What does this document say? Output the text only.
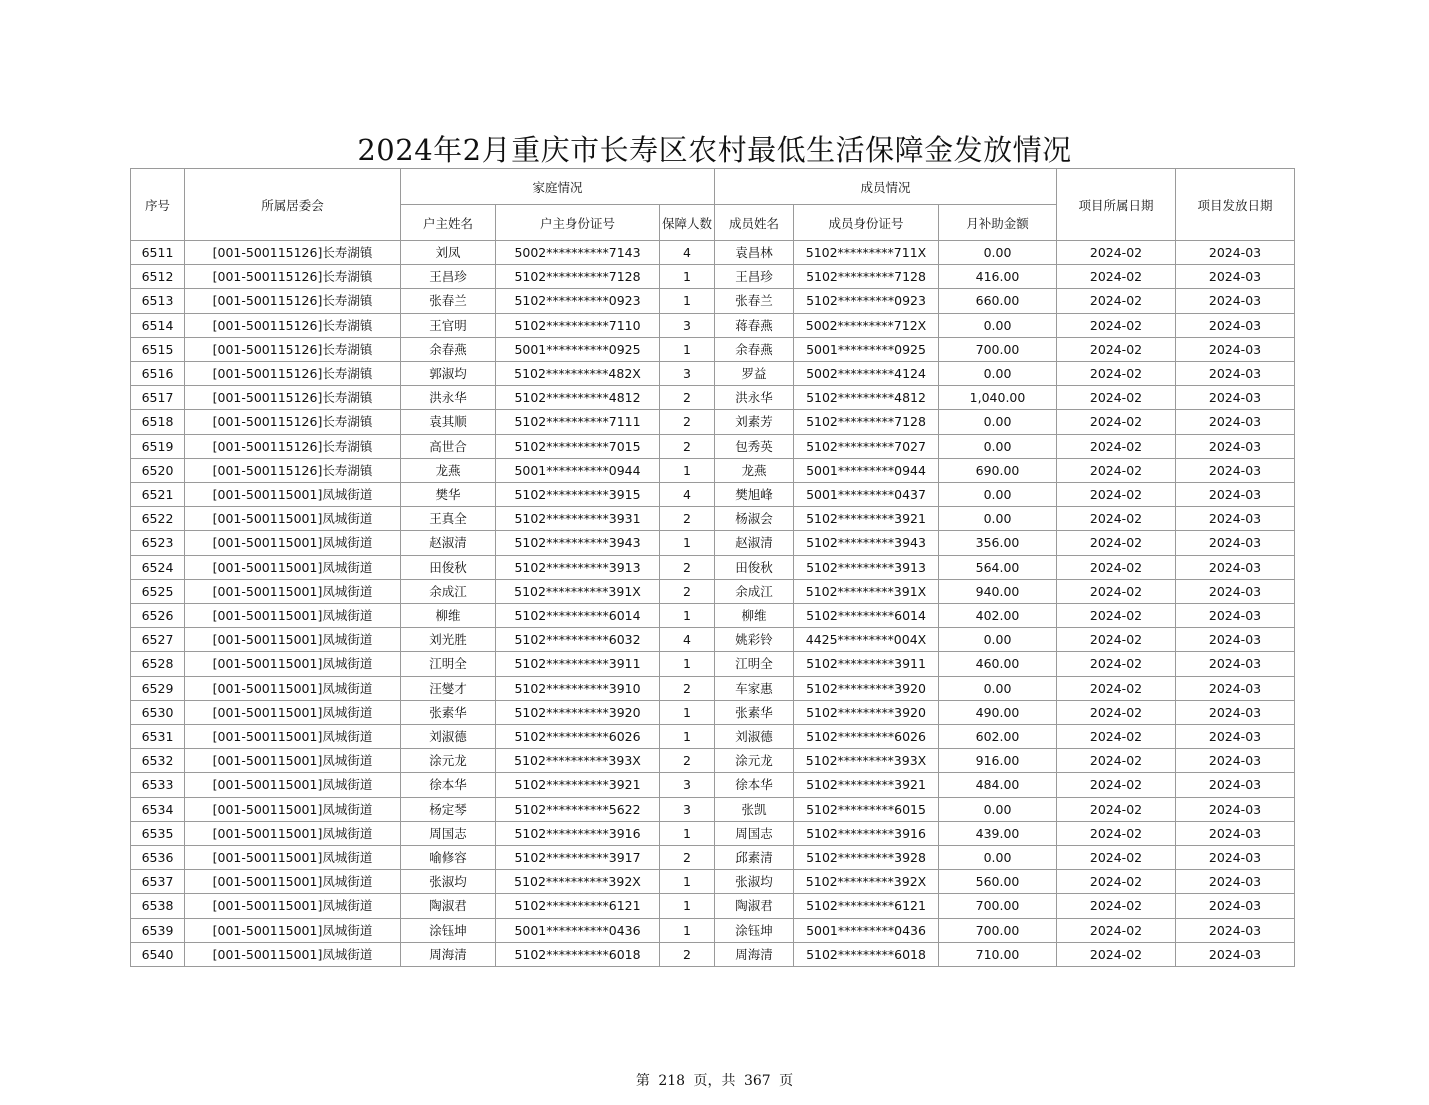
2024年2月重庆市长寿区农村最低生活保障金发放情况
序号	所属居委会	家庭情况			成员情况			项目所属日期	项目发放日期
		户主姓名	户主身份证号	保障人数	成员姓名	成员身份证号	月补助金额		
6511	[001-500115126]长寿湖镇	刘凤	5002**********7143	4	袁昌林	5102*********711X	0.00	2024-02	2024-03
6512	[001-500115126]长寿湖镇	王昌珍	5102**********7128	1	王昌珍	5102*********7128	416.00	2024-02	2024-03
6513	[001-500115126]长寿湖镇	张春兰	5102**********0923	1	张春兰	5102*********0923	660.00	2024-02	2024-03
6514	[001-500115126]长寿湖镇	王官明	5102**********7110	3	蒋春燕	5002*********712X	0.00	2024-02	2024-03
6515	[001-500115126]长寿湖镇	余春燕	5001**********0925	1	余春燕	5001*********0925	700.00	2024-02	2024-03
6516	[001-500115126]长寿湖镇	郭淑均	5102**********482X	3	罗益	5002*********4124	0.00	2024-02	2024-03
6517	[001-500115126]长寿湖镇	洪永华	5102**********4812	2	洪永华	5102*********4812	1,040.00	2024-02	2024-03
6518	[001-500115126]长寿湖镇	袁其顺	5102**********7111	2	刘素芳	5102*********7128	0.00	2024-02	2024-03
6519	[001-500115126]长寿湖镇	高世合	5102**********7015	2	包秀英	5102*********7027	0.00	2024-02	2024-03
6520	[001-500115126]长寿湖镇	龙燕	5001**********0944	1	龙燕	5001*********0944	690.00	2024-02	2024-03
6521	[001-500115001]凤城街道	樊华	5102**********3915	4	樊旭峰	5001*********0437	0.00	2024-02	2024-03
6522	[001-500115001]凤城街道	王真全	5102**********3931	2	杨淑会	5102*********3921	0.00	2024-02	2024-03
6523	[001-500115001]凤城街道	赵淑清	5102**********3943	1	赵淑清	5102*********3943	356.00	2024-02	2024-03
6524	[001-500115001]凤城街道	田俊秋	5102**********3913	2	田俊秋	5102*********3913	564.00	2024-02	2024-03
6525	[001-500115001]凤城街道	余成江	5102**********391X	2	余成江	5102*********391X	940.00	2024-02	2024-03
6526	[001-500115001]凤城街道	柳维	5102**********6014	1	柳维	5102*********6014	402.00	2024-02	2024-03
6527	[001-500115001]凤城街道	刘光胜	5102**********6032	4	姚彩铃	4425*********004X	0.00	2024-02	2024-03
6528	[001-500115001]凤城街道	江明全	5102**********3911	1	江明全	5102*********3911	460.00	2024-02	2024-03
6529	[001-500115001]凤城街道	汪燮才	5102**********3910	2	车家惠	5102*********3920	0.00	2024-02	2024-03
6530	[001-500115001]凤城街道	张素华	5102**********3920	1	张素华	5102*********3920	490.00	2024-02	2024-03
6531	[001-500115001]凤城街道	刘淑德	5102**********6026	1	刘淑德	5102*********6026	602.00	2024-02	2024-03
6532	[001-500115001]凤城街道	涂元龙	5102**********393X	2	涂元龙	5102*********393X	916.00	2024-02	2024-03
6533	[001-500115001]凤城街道	徐本华	5102**********3921	3	徐本华	5102*********3921	484.00	2024-02	2024-03
6534	[001-500115001]凤城街道	杨定琴	5102**********5622	3	张凯	5102*********6015	0.00	2024-02	2024-03
6535	[001-500115001]凤城街道	周国志	5102**********3916	1	周国志	5102*********3916	439.00	2024-02	2024-03
6536	[001-500115001]凤城街道	喻修容	5102**********3917	2	邱素清	5102*********3928	0.00	2024-02	2024-03
6537	[001-500115001]凤城街道	张淑均	5102**********392X	1	张淑均	5102*********392X	560.00	2024-02	2024-03
6538	[001-500115001]凤城街道	陶淑君	5102**********6121	1	陶淑君	5102*********6121	700.00	2024-02	2024-03
6539	[001-500115001]凤城街道	涂钰坤	5001**********0436	1	涂钰坤	5001*********0436	700.00	2024-02	2024-03
6540	[001-500115001]凤城街道	周海清	5102**********6018	2	周海清	5102*********6018	710.00	2024-02	2024-03
第 218 页，共 367 页
